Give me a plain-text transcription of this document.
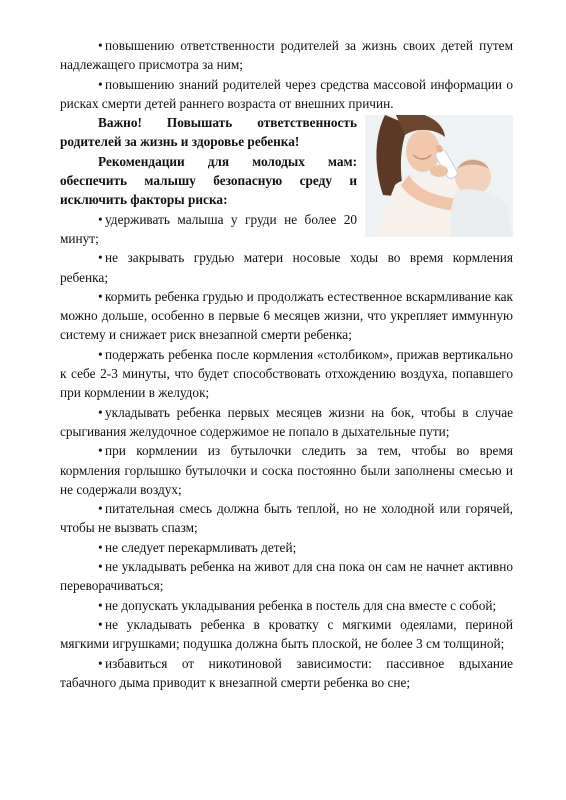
• повышению ответственности родителей за жизнь своих детей путем надлежащего присмотра за ним;

• повышению знаний родителей через средства массовой информации о рисках смерти детей раннего возраста от внешних причин.

Важно! Повышать ответственность родителей за жизнь и здоровье ребенка!

Рекомендации для молодых мам: обеспечить малышу безопасную среду и исключить факторы риска:

• удерживать малыша у груди не более 20 минут;

• не закрывать грудью матери носовые ходы во время кормления ребенка;

• кормить ребенка грудью и продолжать естественное вскармливание как можно дольше, особенно в первые 6 месяцев жизни, что укрепляет иммунную систему и снижает риск внезапной смерти ребенка;

• подержать ребенка после кормления «столбиком», прижав вертикально к себе 2-3 минуты, что будет способствовать отхождению воздуха, попавшего при кормлении в желудок;

• укладывать ребенка первых месяцев жизни на бок, чтобы в случае срыгивания желудочное содержимое не попало в дыхательные пути;

• при кормлении из бутылочки следить за тем, чтобы во время кормления горлышко бутылочки и соска постоянно были заполнены смесью и не содержали воздух;

• питательная смесь должна быть теплой, но не холодной или горячей, чтобы не вызвать спазм;

• не следует перекармливать детей;

• не укладывать ребенка на живот для сна пока он сам не начнет активно переворачиваться;

• не допускать укладывания ребенка в постель для сна вместе с собой;

• не укладывать ребенка в кроватку с мягкими одеялами, периной мягкими игрушками; подушка должна быть плоской, не более 3 см толщиной;

• избавиться от никотиновой зависимости: пассивное вдыхание табачного дыма приводит к внезапной смерти ребенка во сне;
